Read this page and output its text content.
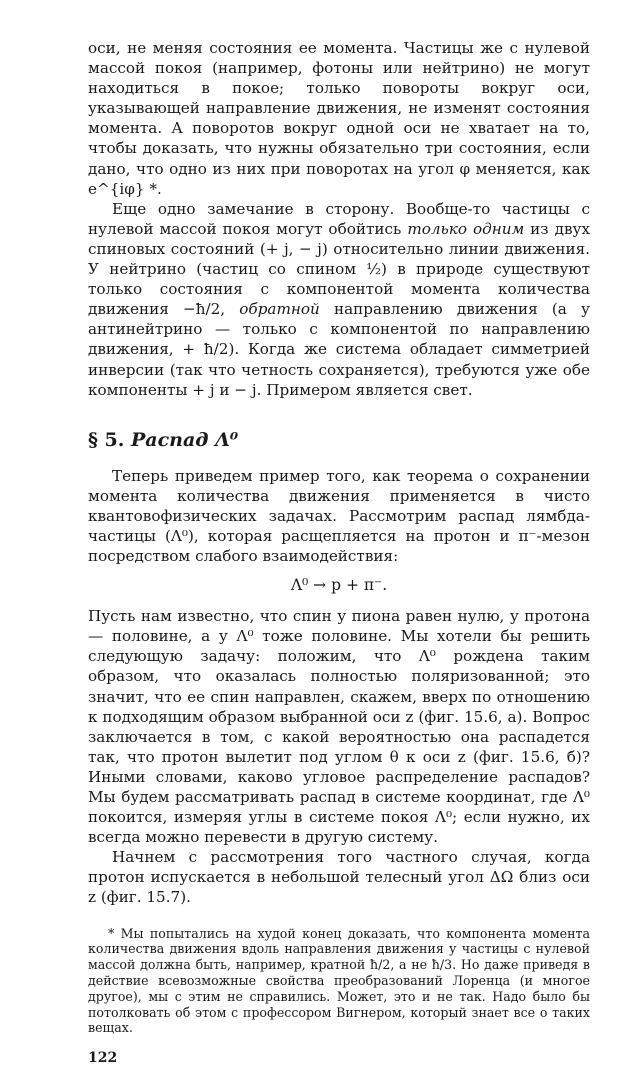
оси, не меняя состояния ее момента. Частицы же с нулевой массой покоя (например, фотоны или нейтрино) не могут находиться в покое; только повороты вокруг оси, указывающей направление движения, не изменят состояния момента. А поворотов вокруг одной оси не хватает на то, чтобы доказать, что нужны обязательно три состояния, если дано, что одно из них при поворотах на угол φ меняется, как e^{iφ} *.

Еще одно замечание в сторону. Вообще-то частицы с нулевой массой покоя могут обойтись только одним из двух спиновых состояний (+ j, − j) относительно линии движения. У нейтрино (частиц со спином ½) в природе существуют только состояния с компонентой момента количества движения −ħ/2, обратной направлению движения (а у антинейтрино — только с компонентой по направлению движения, + ħ/2). Когда же система обладает симметрией инверсии (так что четность сохраняется), требуются уже обе компоненты + j и − j. Примером является свет.

§ 5. Распад Λ⁰

Теперь приведем пример того, как теорема о сохранении момента количества движения применяется в чисто квантовофизических задачах. Рассмотрим распад лямбда-частицы (Λ⁰), которая расщепляется на протон и π⁻-мезон посредством слабого взаимодействия:

Λ⁰ → p + π⁻.

Пусть нам известно, что спин у пиона равен нулю, у протона — половине, а у Λ⁰ тоже половине. Мы хотели бы решить следующую задачу: положим, что Λ⁰ рождена таким образом, что оказалась полностью поляризованной; это значит, что ее спин направлен, скажем, вверх по отношению к подходящим образом выбранной оси z (фиг. 15.6, а). Вопрос заключается в том, с какой вероятностью она распадется так, что протон вылетит под углом θ к оси z (фиг. 15.6, б)? Иными словами, каково угловое распределение распадов? Мы будем рассматривать распад в системе координат, где Λ⁰ покоится, измеряя углы в системе покоя Λ⁰; если нужно, их всегда можно перевести в другую систему.

Начнем с рассмотрения того частного случая, когда протон испускается в небольшой телесный угол ΔΩ близ оси z (фиг. 15.7).

* Мы попытались на худой конец доказать, что компонента момента количества движения вдоль направления движения у частицы с нулевой массой должна быть, например, кратной ħ/2, а не ħ/3. Но даже приведя в действие всевозможные свойства преобразований Лоренца (и многое другое), мы с этим не справились. Может, это и не так. Надо было бы потолковать об этом с профессором Вигнером, который знает все о таких вещах.

122
